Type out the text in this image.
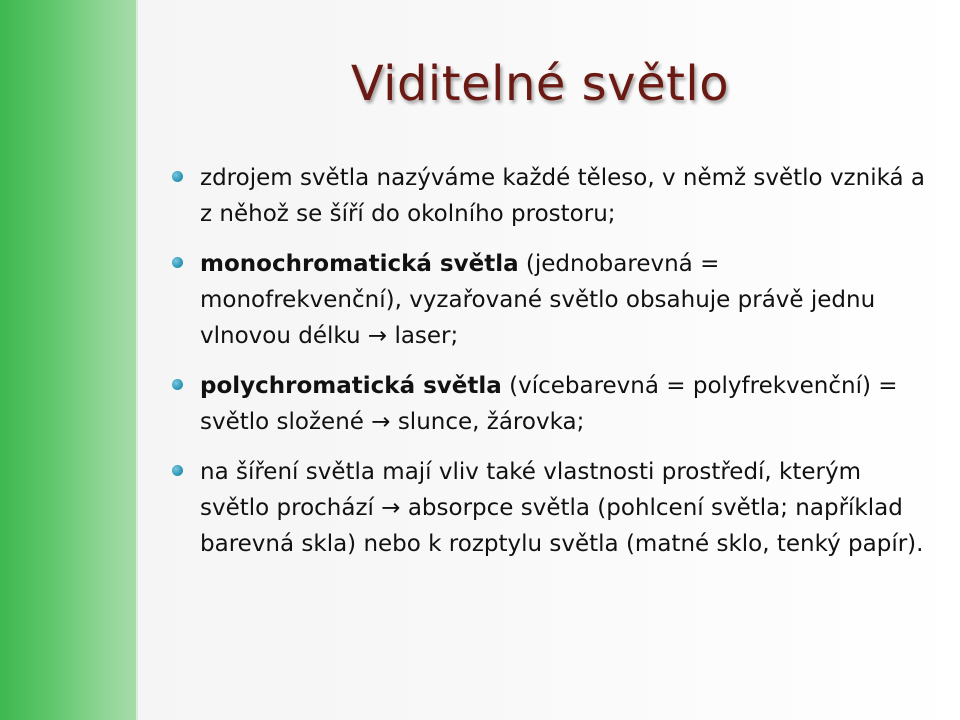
Viditelné světlo
zdrojem světla nazýváme každé těleso, v němž světlo vzniká a z něhož se šíří do okolního prostoru;
monochromatická světla (jednobarevná = monofrekvenční), vyzařované světlo obsahuje právě jednu vlnovou délku → laser;
polychromatická světla (vícebarevná = polyfrekvenční) = světlo složené → slunce, žárovka;
na šíření světla mají vliv také vlastnosti prostředí, kterým světlo prochází → absorpce světla (pohlcení světla; například barevná skla) nebo k rozptylu světla (matné sklo, tenký papír).
